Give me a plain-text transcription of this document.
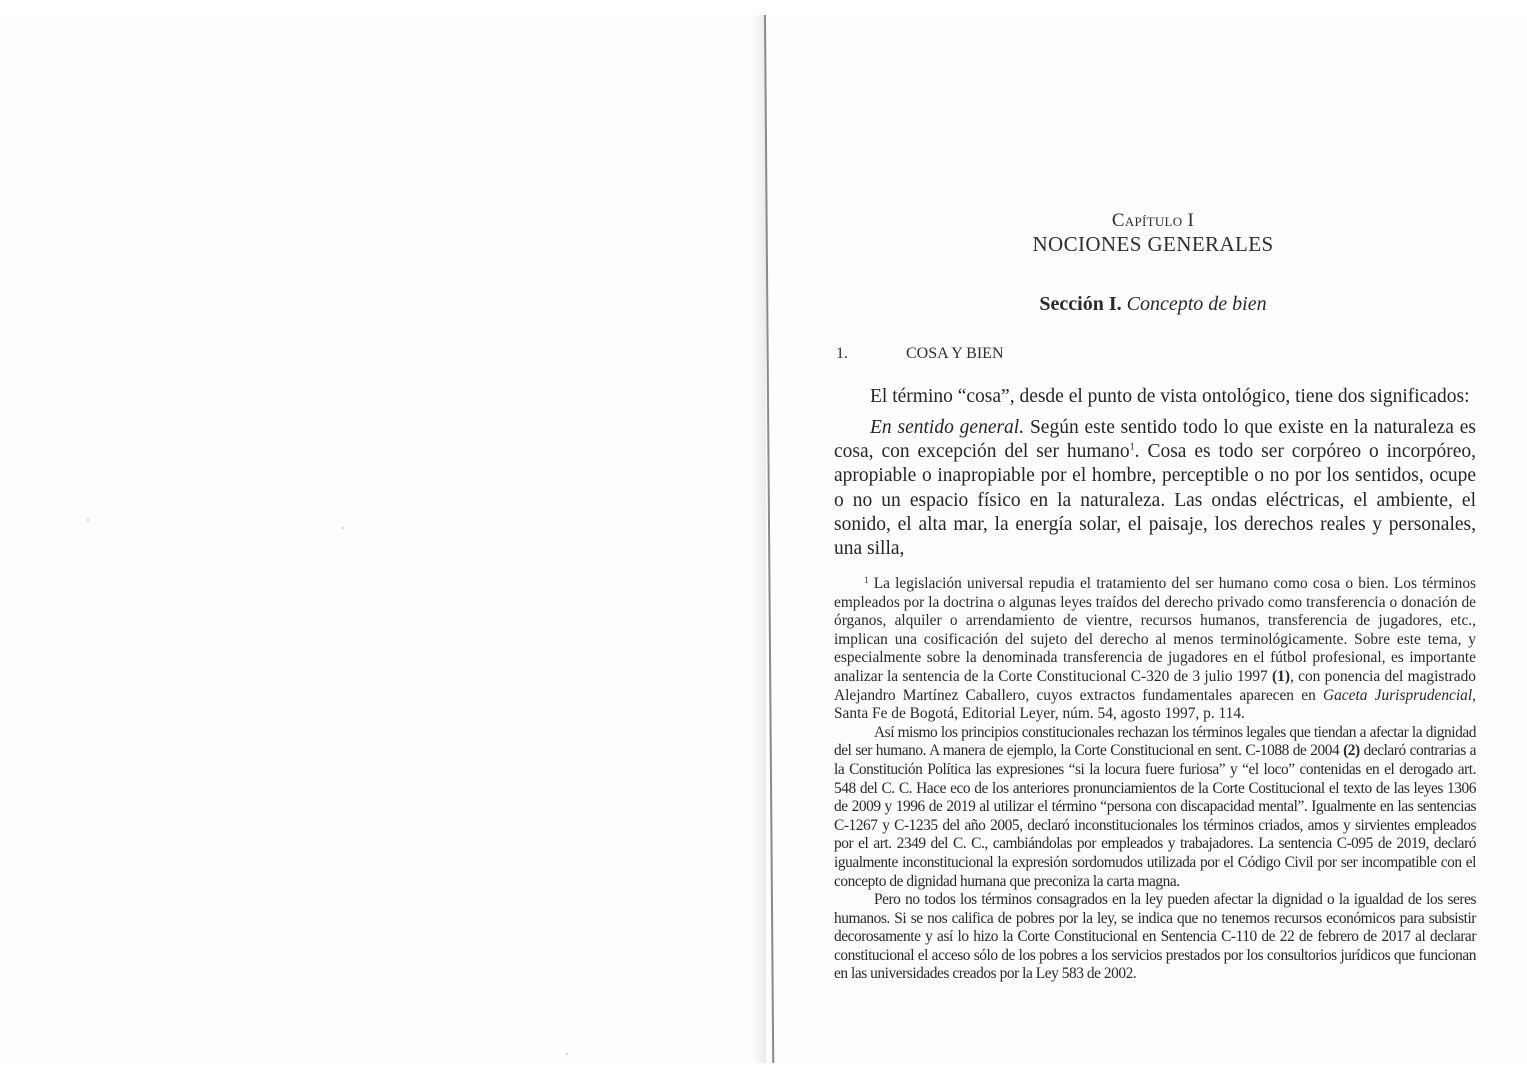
Capítulo I
NOCIONES GENERALES
Sección I. Concepto de bien
1.	COSA Y BIEN
El término “cosa”, desde el punto de vista ontológico, tiene dos significados:
En sentido general. Según este sentido todo lo que existe en la naturaleza es cosa, con excepción del ser humano$^1$. Cosa es todo ser corpóreo o incorpóreo, apropiable o inapropiable por el hombre, perceptible o no por los sentidos, ocupe o no un espacio físico en la naturaleza. Las ondas eléctricas, el ambiente, el sonido, el alta mar, la energía solar, el paisaje, los derechos reales y personales, una silla,

$^1$ La legislación universal repudia el tratamiento del ser humano como cosa o bien. Los términos empleados por la doctrina o algunas leyes traídos del derecho privado como transferencia o donación de órganos, alquiler o arrendamiento de vientre, recursos humanos, transferencia de jugadores, etc., implican una cosificación del sujeto del derecho al menos terminológicamente. Sobre este tema, y especialmente sobre la denominada transferencia de jugadores en el fútbol profesional, es importante analizar la sentencia de la Corte Constitucional C-320 de 3 julio 1997 (1), con ponencia del magistrado Alejandro Martínez Caballero, cuyos extractos fundamentales aparecen en Gaceta Jurisprudencial, Santa Fe de Bogotá, Editorial Leyer, núm. 54, agosto 1997, p. 114.

Así mismo los principios constitucionales rechazan los términos legales que tiendan a afectar la dignidad del ser humano. A manera de ejemplo, la Corte Constitucional en sent. C-1088 de 2004 (2) declaró contrarias a la Constitución Política las expresiones “si la locura fuere furiosa” y “el loco” contenidas en el derogado art. 548 del C. C. Hace eco de los anteriores pronunciamientos de la Corte Costitucional el texto de las leyes 1306 de 2009 y 1996 de 2019 al utilizar el término “persona con discapacidad mental”. Igualmente en las sentencias C-1267 y C-1235 del año 2005, declaró inconstitucionales los términos criados, amos y sirvientes empleados por el art. 2349 del C. C., cambiándolas por empleados y trabajadores. La sentencia C-095 de 2019, declaró igualmente inconstitucional la expresión sordomudos utilizada por el Código Civil por ser incompatible con el concepto de dignidad humana que preconiza la carta magna.

Pero no todos los términos consagrados en la ley pueden afectar la dignidad o la igualdad de los seres humanos. Si se nos califica de pobres por la ley, se indica que no tenemos recursos económicos para subsistir decorosamente y así lo hizo la Corte Constitucional en Sentencia C-110 de 22 de febrero de 2017 al declarar constitucional el acceso sólo de los pobres a los servicios prestados por los consultorios jurídicos que funcionan en las universidades creados por la Ley 583 de 2002.
